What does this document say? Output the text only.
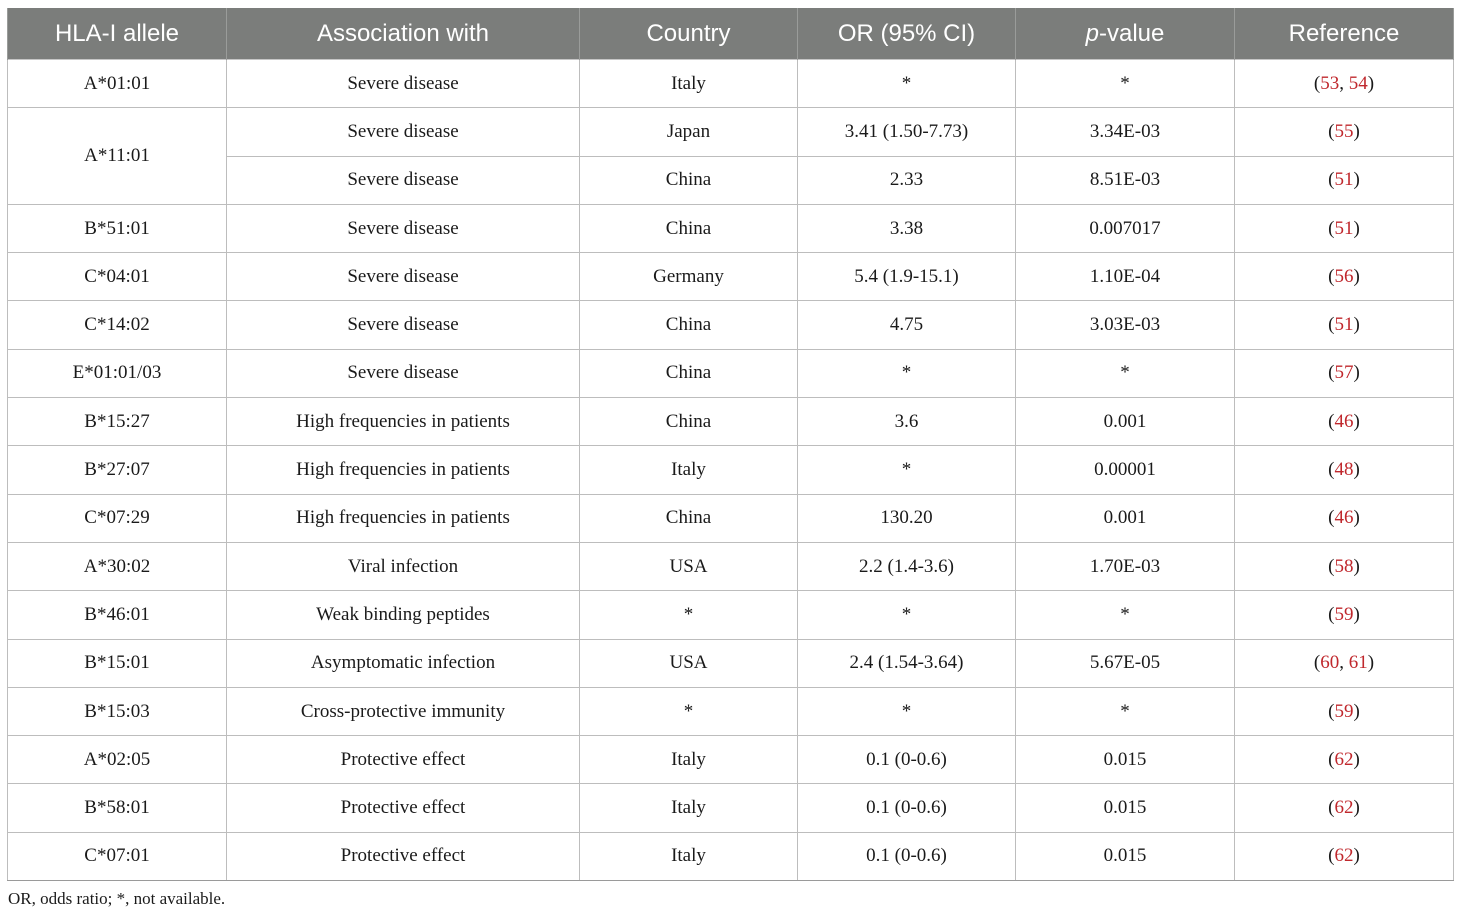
HLA-I allele	Association with	Country	OR (95% CI)	p-value	Reference
A*01:01	Severe disease	Italy	*	*	(53, 54)
A*11:01	Severe disease	Japan	3.41 (1.50-7.73)	3.34E-03	(55)
	Severe disease	China	2.33	8.51E-03	(51)
B*51:01	Severe disease	China	3.38	0.007017	(51)
C*04:01	Severe disease	Germany	5.4 (1.9-15.1)	1.10E-04	(56)
C*14:02	Severe disease	China	4.75	3.03E-03	(51)
E*01:01/03	Severe disease	China	*	*	(57)
B*15:27	High frequencies in patients	China	3.6	0.001	(46)
B*27:07	High frequencies in patients	Italy	*	0.00001	(48)
C*07:29	High frequencies in patients	China	130.20	0.001	(46)
A*30:02	Viral infection	USA	2.2 (1.4-3.6)	1.70E-03	(58)
B*46:01	Weak binding peptides	*	*	*	(59)
B*15:01	Asymptomatic infection	USA	2.4 (1.54-3.64)	5.67E-05	(60, 61)
B*15:03	Cross-protective immunity	*	*	*	(59)
A*02:05	Protective effect	Italy	0.1 (0-0.6)	0.015	(62)
B*58:01	Protective effect	Italy	0.1 (0-0.6)	0.015	(62)
C*07:01	Protective effect	Italy	0.1 (0-0.6)	0.015	(62)
OR, odds ratio; *, not available.
